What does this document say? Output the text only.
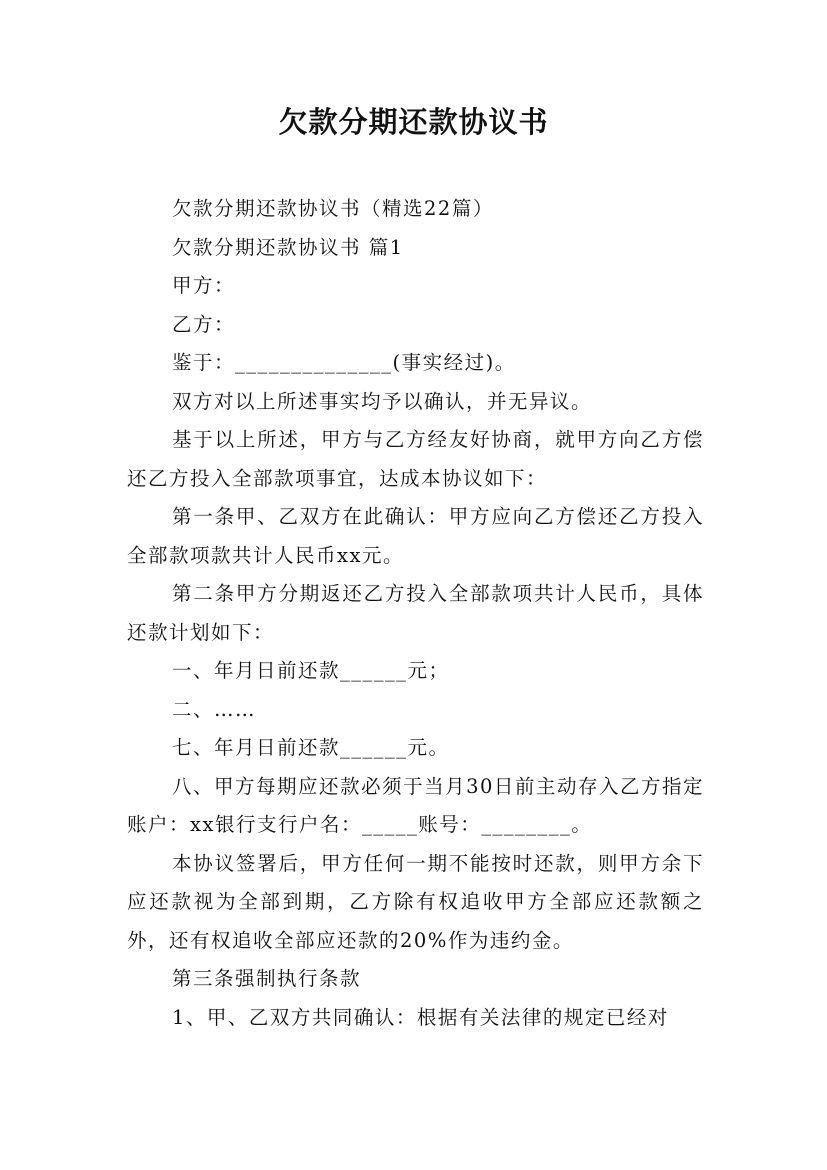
欠款分期还款协议书

欠款分期还款协议书（精选22篇）

欠款分期还款协议书 篇1

甲方：

乙方：

鉴于：______________(事实经过)。

双方对以上所述事实均予以确认，并无异议。

基于以上所述，甲方与乙方经友好协商，就甲方向乙方偿还乙方投入全部款项事宜，达成本协议如下：

第一条甲、乙双方在此确认：甲方应向乙方偿还乙方投入全部款项款共计人民币xx元。

第二条甲方分期返还乙方投入全部款项共计人民币，具体还款计划如下：

一、年月日前还款______元；

二、……

七、年月日前还款______元。

八、甲方每期应还款必须于当月30日前主动存入乙方指定账户：xx银行支行户名：_____账号：________。

本协议签署后，甲方任何一期不能按时还款，则甲方余下应还款视为全部到期，乙方除有权追收甲方全部应还款额之外，还有权追收全部应还款的20%作为违约金。

第三条强制执行条款

1、甲、乙双方共同确认：根据有关法律的规定已经对
